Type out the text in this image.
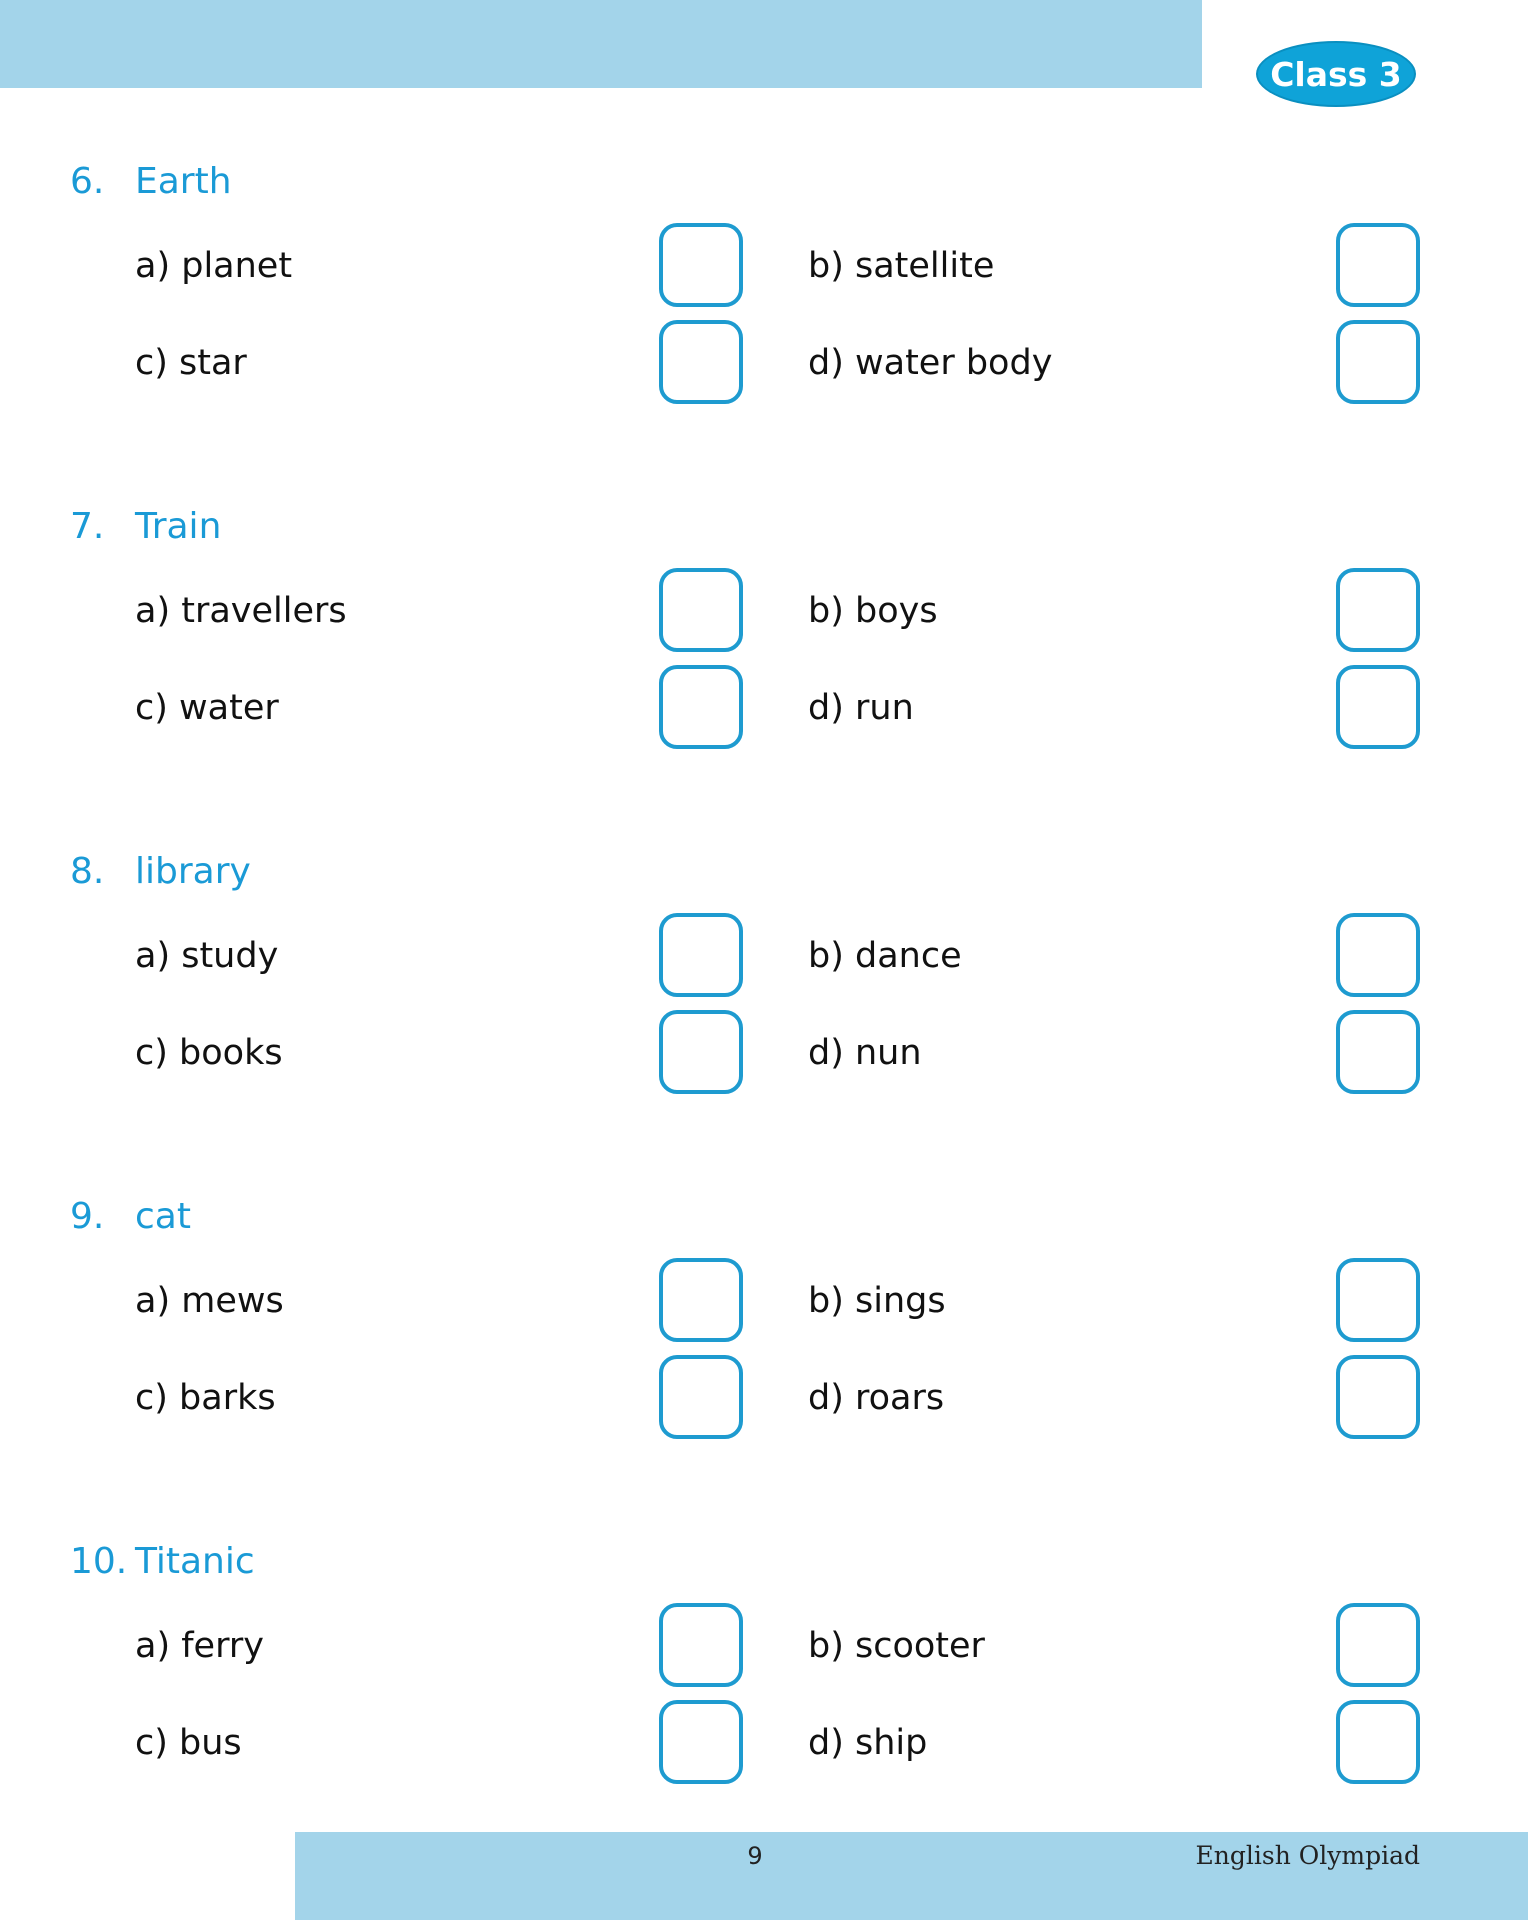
Class 3
6. Earth
a) planet	b) satellite
c) star	d) water body
7. Train
a) travellers	b) boys
c) water	d) run
8. library
a) study	b) dance
c) books	d) nun
9. cat
a) mews	b) sings
c) barks	d) roars
10. Titanic
a) ferry	b) scooter
c) bus	d) ship
9	English Olympiad
